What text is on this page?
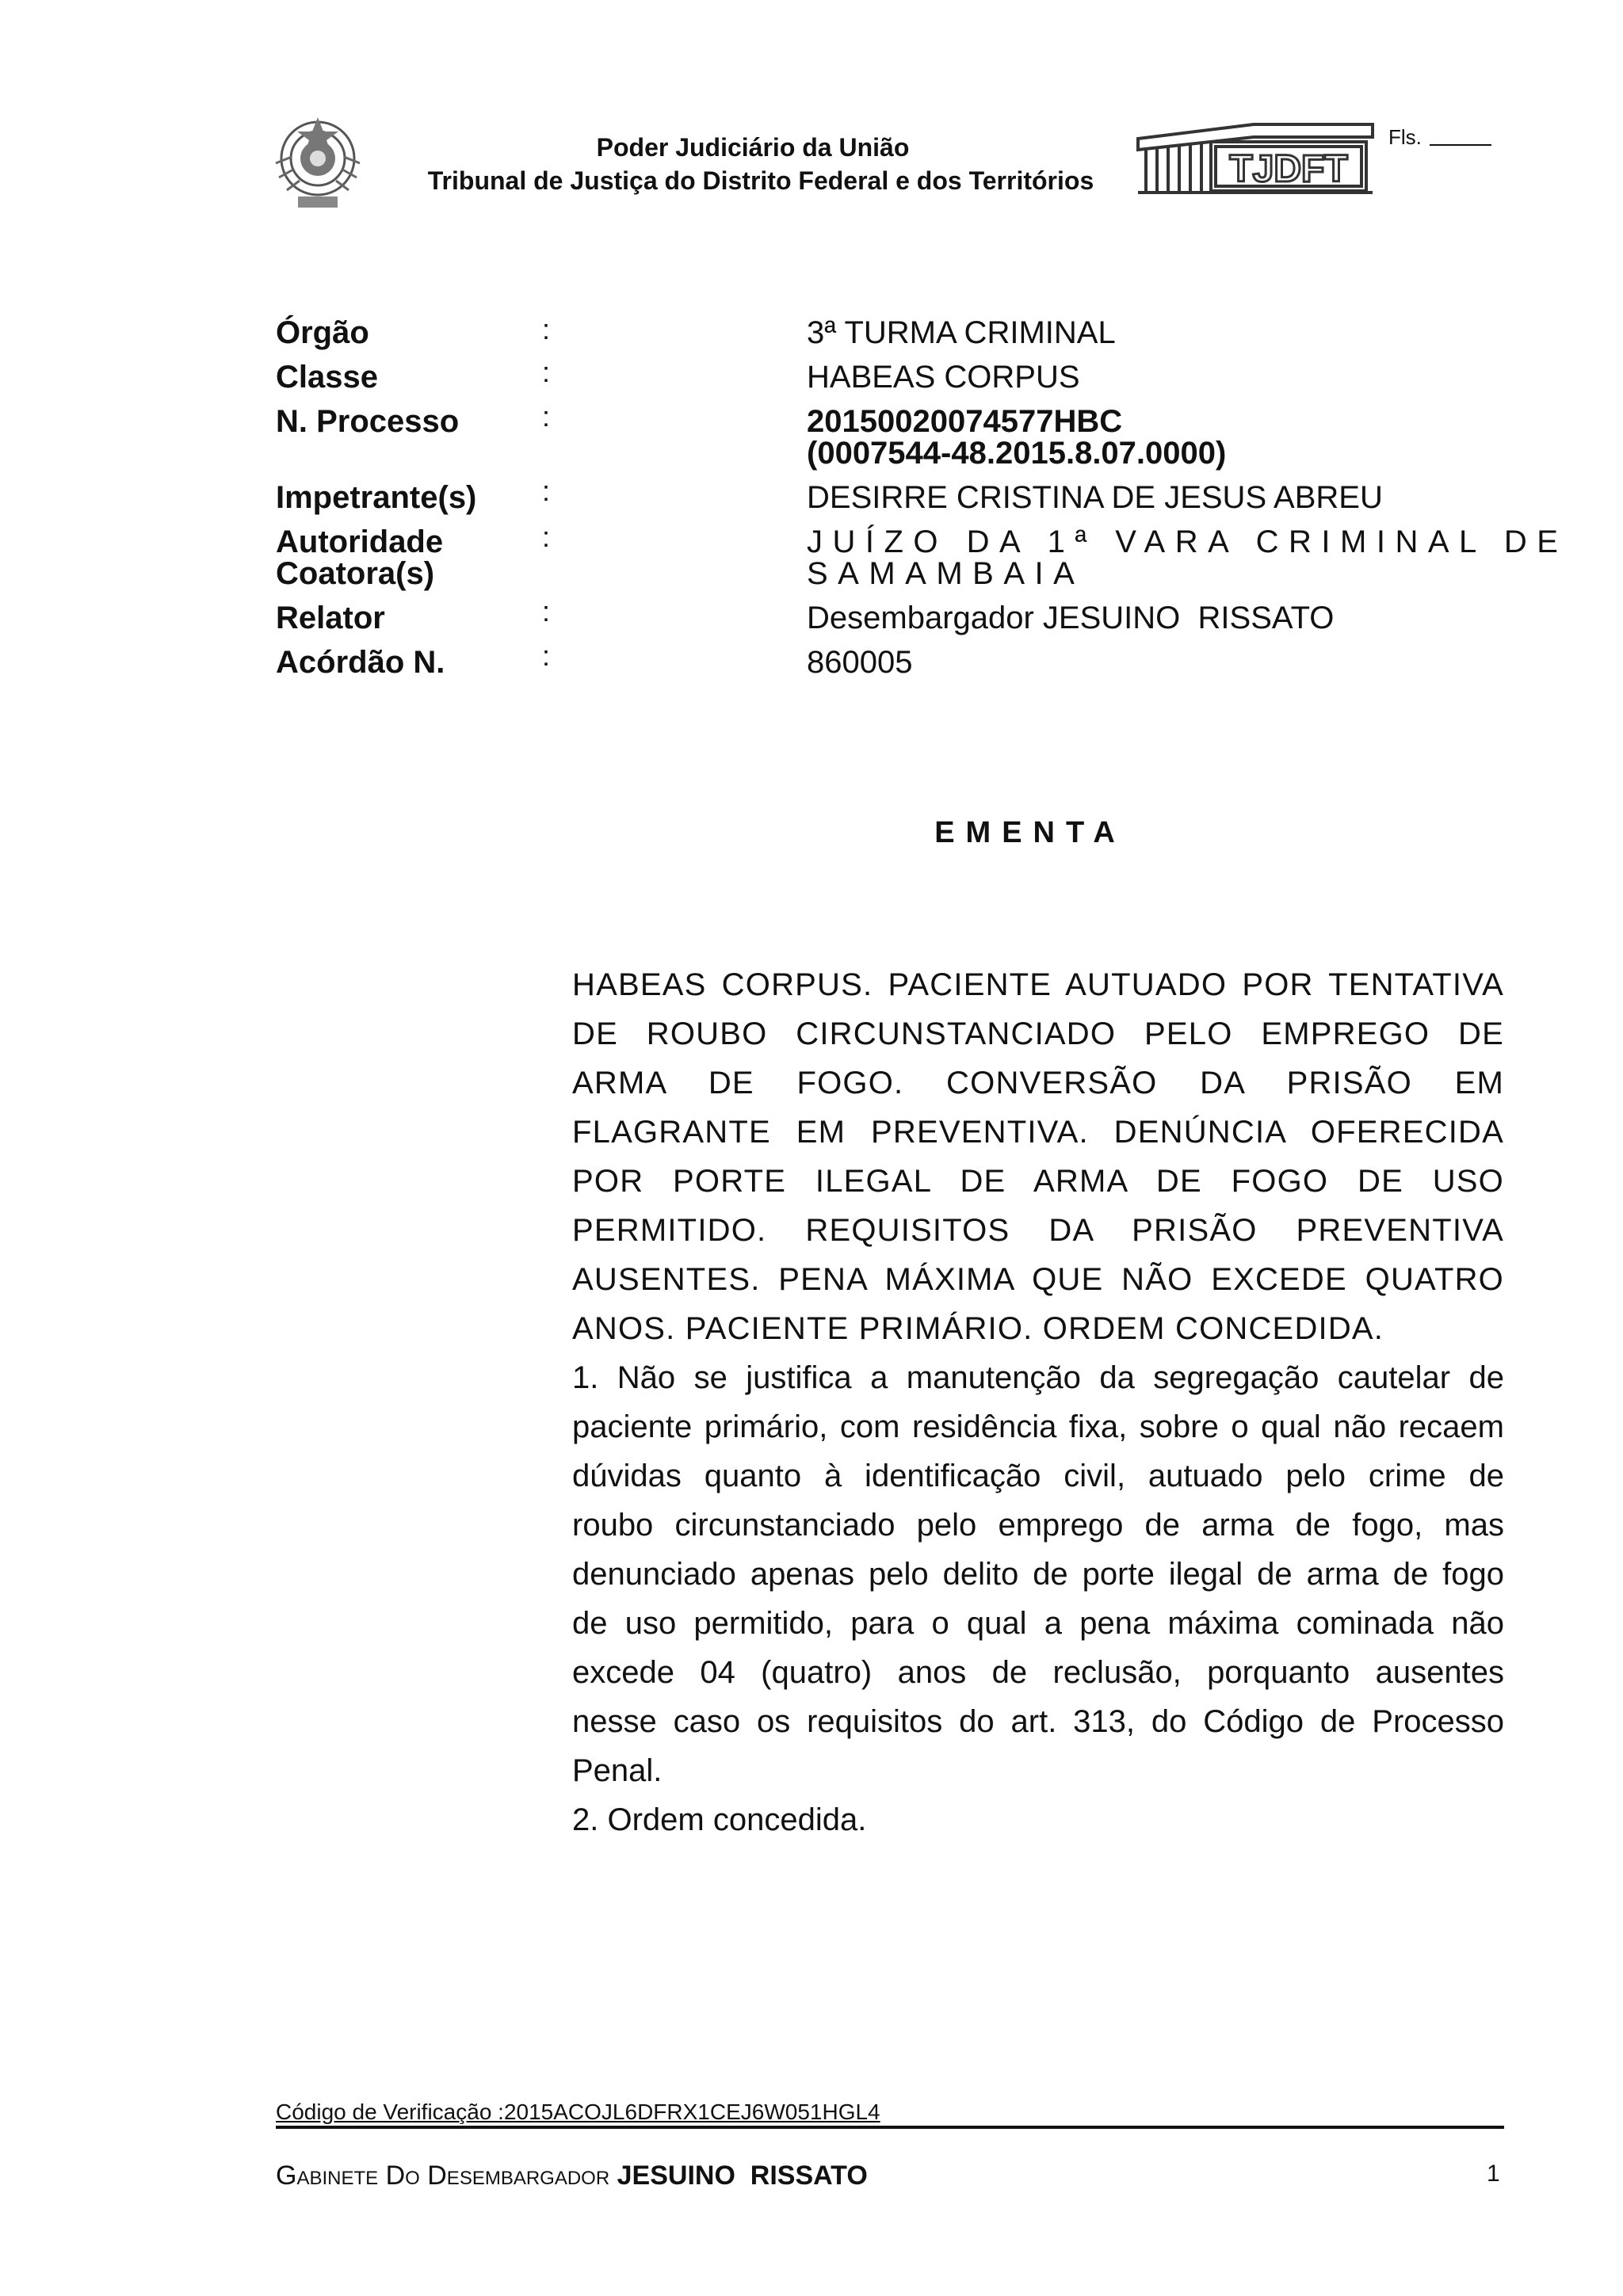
Poder Judiciário da União
Tribunal de Justiça do Distrito Federal e dos Territórios	TJDFT
Fls.
Órgão	:	3ª TURMA CRIMINAL
Classe	:	HABEAS CORPUS
N. Processo	:	20150020074577HBC
(0007544-48.2015.8.07.0000)
Impetrante(s) :	DESIRRE CRISTINA DE JESUS ABREU
Autoridade
Coatora(s)
:	JUÍZO DA 1ª VARA CRIMINAL DE
SAMAMBAIA
Relator	:	Desembargador JESUINO  RISSATO
Acórdão N.	:	860005
EMENTA

HABEAS CORPUS. PACIENTE AUTUADO POR TENTATIVA

DE ROUBO CIRCUNSTANCIADO PELO EMPREGO DE

ARMA DE FOGO. CONVERSÃO DA PRISÃO EM

FLAGRANTE EM PREVENTIVA. DENÚNCIA OFERECIDA

POR PORTE ILEGAL DE ARMA DE FOGO DE USO

PERMITIDO. REQUISITOS DA PRISÃO PREVENTIVA

AUSENTES. PENA MÁXIMA QUE NÃO EXCEDE QUATRO

ANOS. PACIENTE PRIMÁRIO. ORDEM CONCEDIDA.

1. Não se justifica a manutenção da segregação cautelar de

paciente primário, com residência fixa, sobre o qual não recaem

dúvidas quanto à identificação civil, autuado pelo crime de

roubo circunstanciado pelo emprego de arma de fogo, mas

denunciado apenas pelo delito de porte ilegal de arma de fogo

de uso permitido, para o qual a pena máxima cominada não

excede 04 (quatro) anos de reclusão, porquanto ausentes

nesse caso os requisitos do art. 313, do Código de Processo

Penal.

2. Ordem concedida.

Código de Verificação :2015ACOJL6DFRX1CEJ6W051HGL4
Gabinete Do Desembargador JESUINO  RISSATO	1
